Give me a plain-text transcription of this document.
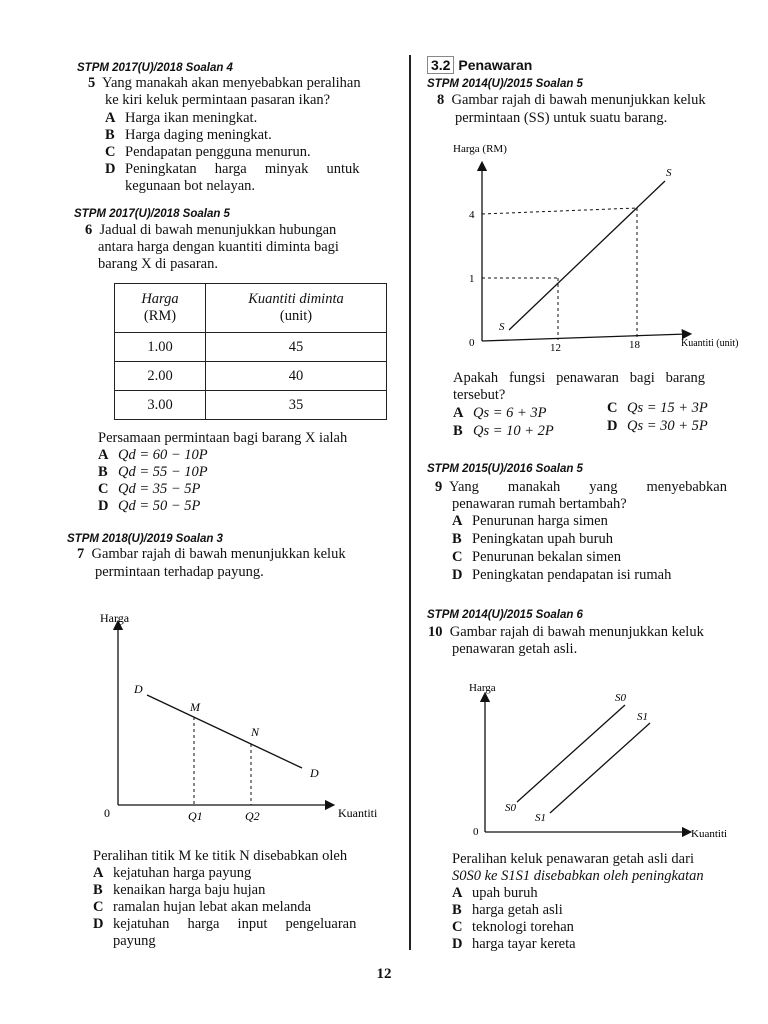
STPM 2017(U)/2018 Soalan 4
5 Yang manakah akan menyebabkan peralihan
ke kiri keluk permintaan pasaran ikan?
A Harga ikan meningkat.
B Harga daging meningkat.
C Pendapatan pengguna menurun.
D Peningkatan     harga     minyak     untuk
kegunaan bot nelayan.
STPM 2017(U)/2018 Soalan 5
6 Jadual di bawah menunjukkan hubungan
antara harga dengan kuantiti diminta bagi
barang X di pasaran.
Harga
(RM)	Kuantiti diminta
(unit)
1.00	45
2.00	40
3.00	35
Persamaan permintaan bagi barang X ialah
A Qd = 60 − 10P
B Qd = 55 − 10P
C Qd = 35 − 5P
D Qd = 50 − 5P
STPM 2018(U)/2019 Soalan 3
7 Gambar rajah di bawah menunjukkan keluk
permintaan terhadap payung.
Harga
Kuantiti
0
D
D
M
N
Q1	Q2
Peralihan titik M ke titik N disebabkan oleh
A kejatuhan harga payung
B kenaikan harga baju hujan
C ramalan hujan lebat akan melanda
D kejatuhan     harga     input     pengeluaran
payung
3.2 Penawaran
STPM 2014(U)/2015 Soalan 5
8 Gambar rajah di bawah menunjukkan keluk
permintaan (SS) untuk suatu barang.
Harga (RM)
0	Kuantiti (unit)
S
S
1
4
12	18
Apakah   fungsi   penawaran   bagi   barang
tersebut?
A Qs = 6 + 3P
B Qs = 10 + 2P
C Qs = 15 + 3P
D Qs = 30 + 5P
STPM 2015(U)/2016 Soalan 5
9 Yang        manakah        yang        menyebabkan
penawaran rumah bertambah?
A Penurunan harga simen
B Peningkatan upah buruh
C Penurunan bekalan simen
D Peningkatan pendapatan isi rumah
STPM 2014(U)/2015 Soalan 6
10 Gambar rajah di bawah menunjukkan keluk
penawaran getah asli.
Harga
0	Kuantiti
S0
S1
S0
S1
Peralihan keluk penawaran getah asli dari
S0S0 ke S1S1 disebabkan oleh peningkatan
A upah buruh
B harga getah asli
C teknologi torehan
D harga tayar kereta
12
